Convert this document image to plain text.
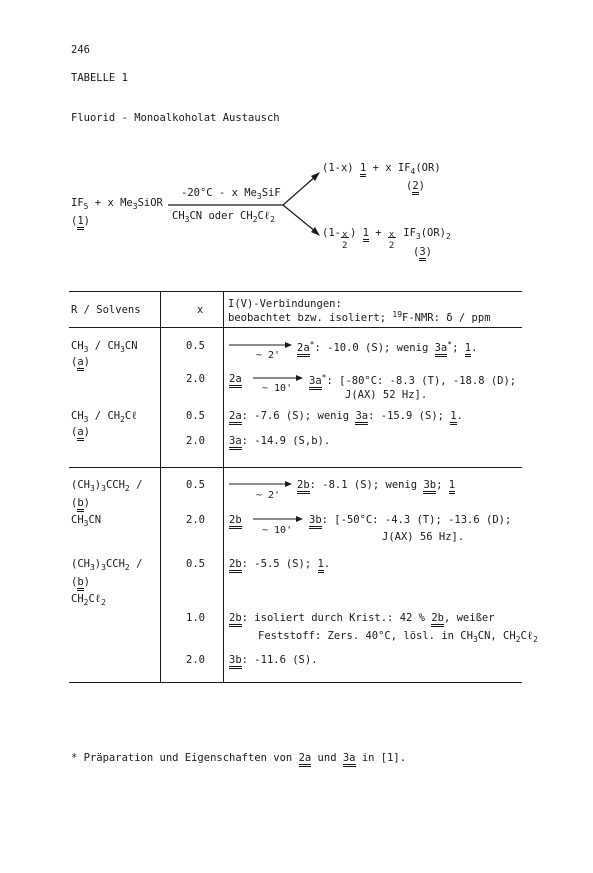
246
TABELLE 1
Fluorid - Monoalkoholat Austausch
$IF_5 + x$ $Me_3SiOR$
(1)
-20°C - x $Me_3SiF$
$CH_3CN$ oder $CH_2C\ell_2$
(1-x) 1 + x $IF_4(OR)$
(2)
(1-
$\frac{x}{2}$
) 1 +
$\frac{x}{2}$
$IF_3(OR)_2$
(3)
R / Solvens	x I(V)-Verbindungen:
beobachtet bzw. isoliert; $^{19}$F-NMR: δ / ppm
$CH_3 / CH_3CN$
(a)
0.5
~ 2'
2a*: -10.0 (S); wenig 3a*; 1.
2.0 2a
~ 10'
3a*: [-80°C: -8.3 (T), -18.8 (D);
J(AX) 52 Hz].
$CH_3$ / $CH_2C\ell$
(a)
0.5 2a: -7.6 (S); wenig 3a: -15.9 (S); 1.
2.0 3a: -14.9 (S,b).
$(CH_3)_3CCH_2$ /
(b)
$CH_3CN$
0.5
~ 2'
2b: -8.1 (S); wenig 3b; 1
2.0 2b
~ 10'
3b: [-50°C: -4.3 (T); -13.6 (D);
J(AX) 56 Hz].
$(CH_3)_3CCH_2$ /
(b)
$CH_2C\ell_2$
0.5 2b: -5.5 (S); 1.
1.0 2b: isoliert durch Krist.: 42 % 2b, weißer
Feststoff: Zers. 40°C, lösl. in $CH_3CN$, $CH_2C\ell_2$
2.0 3b: -11.6 (S).
* Präparation und Eigenschaften von 2a und 3a in [1].
